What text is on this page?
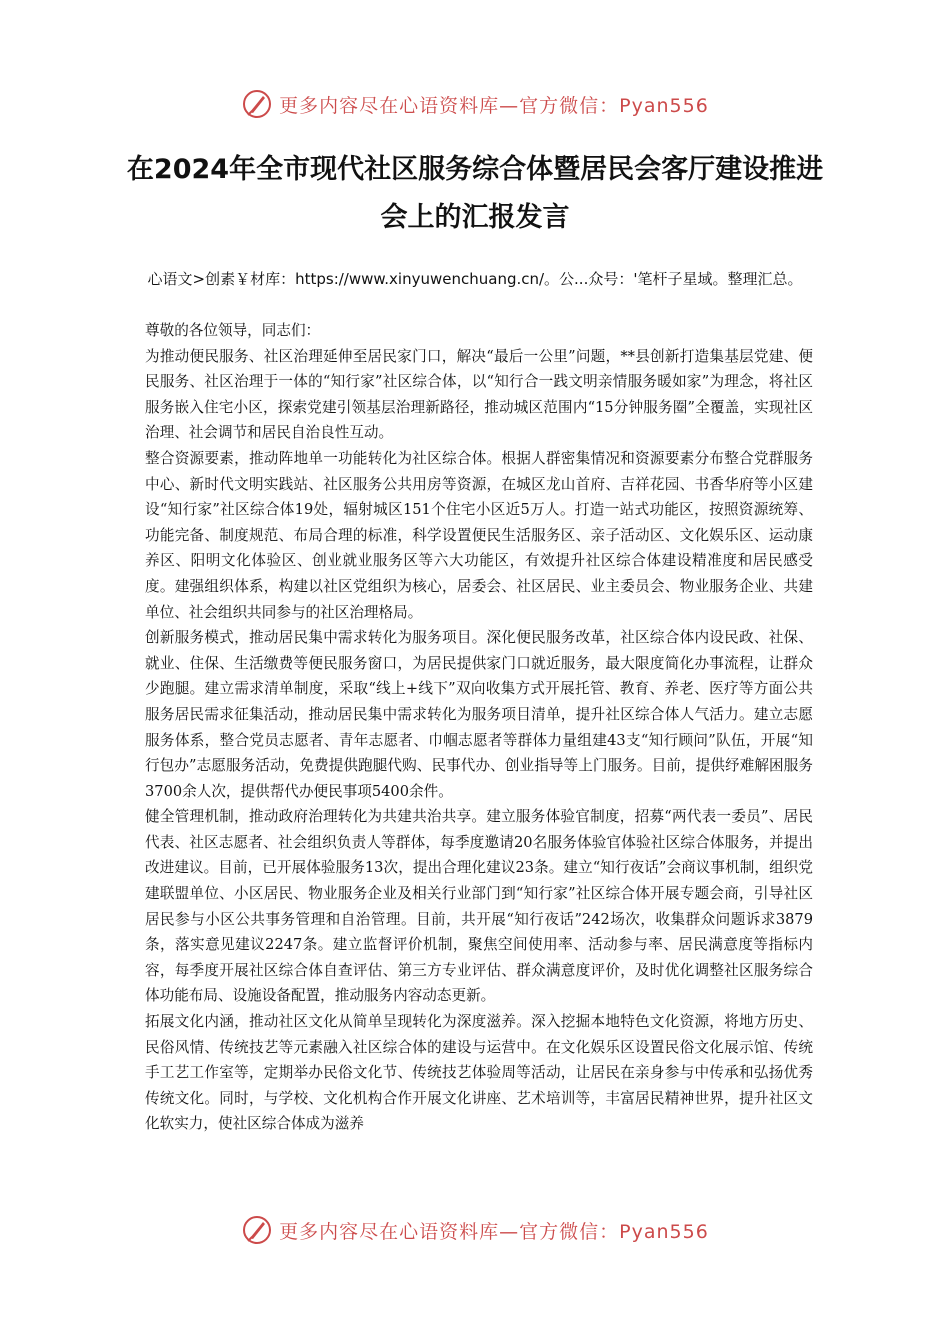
更多内容尽在心语资料库—官方微信：Pyan556
在2024年全市现代社区服务综合体暨居民会客厅建设推进会上的汇报发言
心语文>创素￥材库：https://www.xinyuwenchuang.cn/。公...众号：'笔杆子星域。整理汇总。

尊敬的各位领导，同志们：

为推动便民服务、社区治理延伸至居民家门口，解决“最后一公里”问题，**县创新打造集基层党建、便民服务、社区治理于一体的“知行家”社区综合体，以“知行合一践文明亲情服务暖如家”为理念，将社区服务嵌入住宅小区，探索党建引领基层治理新路径，推动城区范围内“15分钟服务圈”全覆盖，实现社区治理、社会调节和居民自治良性互动。

整合资源要素，推动阵地单一功能转化为社区综合体。根据人群密集情况和资源要素分布整合党群服务中心、新时代文明实践站、社区服务公共用房等资源，在城区龙山首府、吉祥花园、书香华府等小区建设“知行家”社区综合体19处，辐射城区151个住宅小区近5万人。打造一站式功能区，按照资源统筹、功能完备、制度规范、布局合理的标准，科学设置便民生活服务区、亲子活动区、文化娱乐区、运动康养区、阳明文化体验区、创业就业服务区等六大功能区，有效提升社区综合体建设精准度和居民感受度。建强组织体系，构建以社区党组织为核心，居委会、社区居民、业主委员会、物业服务企业、共建单位、社会组织共同参与的社区治理格局。

创新服务模式，推动居民集中需求转化为服务项目。深化便民服务改革，社区综合体内设民政、社保、就业、住保、生活缴费等便民服务窗口，为居民提供家门口就近服务，最大限度简化办事流程，让群众少跑腿。建立需求清单制度，采取“线上+线下”双向收集方式开展托管、教育、养老、医疗等方面公共服务居民需求征集活动，推动居民集中需求转化为服务项目清单，提升社区综合体人气活力。建立志愿服务体系，整合党员志愿者、青年志愿者、巾帼志愿者等群体力量组建43支“知行顾问”队伍，开展“知行包办”志愿服务活动，免费提供跑腿代购、民事代办、创业指导等上门服务。目前，提供纾难解困服务3700余人次，提供帮代办便民事项5400余件。

健全管理机制，推动政府治理转化为共建共治共享。建立服务体验官制度，招募“两代表一委员”、居民代表、社区志愿者、社会组织负责人等群体，每季度邀请20名服务体验官体验社区综合体服务，并提出改进建议。目前，已开展体验服务13次，提出合理化建议23条。建立“知行夜话”会商议事机制，组织党建联盟单位、小区居民、物业服务企业及相关行业部门到“知行家”社区综合体开展专题会商，引导社区居民参与小区公共事务管理和自治管理。目前，共开展“知行夜话”242场次，收集群众问题诉求3879条，落实意见建议2247条。建立监督评价机制，聚焦空间使用率、活动参与率、居民满意度等指标内容，每季度开展社区综合体自查评估、第三方专业评估、群众满意度评价，及时优化调整社区服务综合体功能布局、设施设备配置，推动服务内容动态更新。

拓展文化内涵，推动社区文化从简单呈现转化为深度滋养。深入挖掘本地特色文化资源，将地方历史、民俗风情、传统技艺等元素融入社区综合体的建设与运营中。在文化娱乐区设置民俗文化展示馆、传统手工艺工作室等，定期举办民俗文化节、传统技艺体验周等活动，让居民在亲身参与中传承和弘扬优秀传统文化。同时，与学校、文化机构合作开展文化讲座、艺术培训等，丰富居民精神世界，提升社区文化软实力，使社区综合体成为滋养

更多内容尽在心语资料库—官方微信：Pyan556
